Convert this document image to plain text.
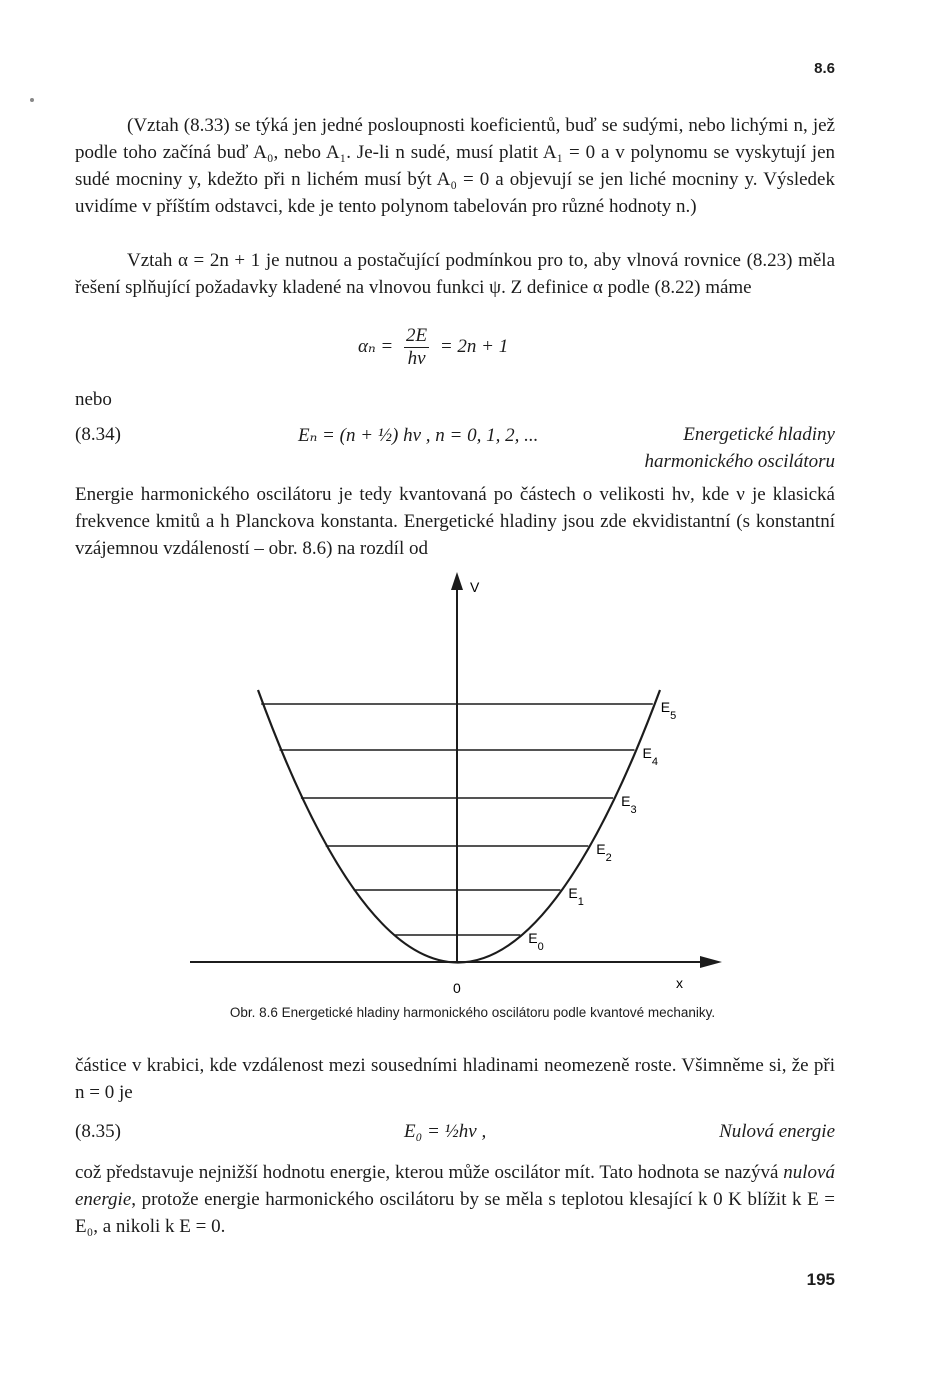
8.6
(Vztah (8.33) se týká jen jedné posloupnosti koeficientů, buď se sudými, nebo lichými n, jež podle toho začíná buď A₀, nebo A₁. Je-li n sudé, musí platit A₁ = 0 a v polynomu se vyskytují jen sudé mocniny y, kdežto při n lichém musí být A₀ = 0 a objevují se jen liché mocniny y. Výsledek uvidíme v příštím odstavci, kde je tento polynom tabelován pro různé hodnoty n.)
Vztah α = 2n + 1 je nutnou a postačující podmínkou pro to, aby vlnová rovnice (8.23) měla řešení splňující požadavky kladené na vlnovou funkci ψ. Z definice α podle (8.22) máme
$\alpha_n = \frac{2E}{h\nu} = 2n + 1$
nebo
(8.34)	Eₙ = (n + ½) hν , n = 0, 1, 2, ...	Energetické hladiny
harmonického oscilátoru
Energie harmonického oscilátoru je tedy kvantovaná po částech o velikosti hν, kde ν je klasická frekvence kmitů a h Planckova konstanta. Energetické hladiny jsou zde ekvidistantní (s konstantní vzájemnou vzdáleností – obr. 8.6) na rozdíl od
V
x
0
$E_0$
$E_1$
$E_2$
$E_3$
$E_4$
$E_5$
Obr. 8.6 Energetické hladiny harmonického oscilátoru podle kvantové mechaniky.
částice v krabici, kde vzdálenost mezi sousedními hladinami neomezeně roste. Všimněme si, že při n = 0 je
(8.35)	E₀ = ½hν ,	Nulová energie
což představuje nejnižší hodnotu energie, kterou může oscilátor mít. Tato hodnota se nazývá nulová energie, protože energie harmonického oscilátoru by se měla s teplotou klesající k 0 K blížit k E = E₀, a nikoli k E = 0.
195
